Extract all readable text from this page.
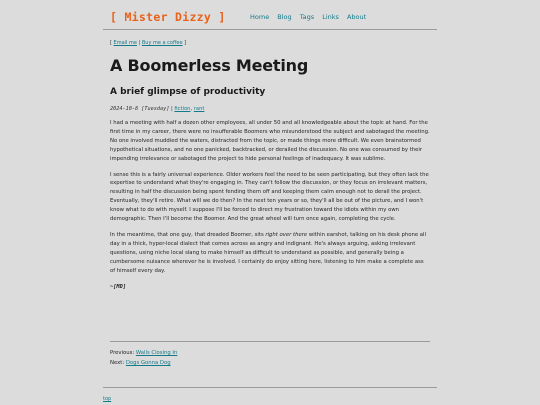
[ Mister Dizzy ]	Home Blog Tags Links About
[ Email me | Buy me a coffee ]
A Boomerless Meeting
A brief glimpse of productivity
2024-10-8 [Tuesday] | fiction, rant

I had a meeting with half a dozen other employees, all under 50 and all knowledgeable about the topic at hand. For the first time in my career, there were no insufferable Boomers who misunderstood the subject and sabotaged the meeting. No one involved muddied the waters, distracted from the topic, or made things more difficult. We even brainstormed hypothetical situations, and no one panicked, backtracked, or derailed the discussion. No one was consumed by their impending irrelevance or sabotaged the project to hide personal feelings of inadequacy. It was sublime.

I sense this is a fairly universal experience. Older workers feel the need to be seen participating, but they often lack the expertise to understand what they're engaging in. They can't follow the discussion, or they focus on irrelevant matters, resulting in half the discussion being spent fending them off and keeping them calm enough not to derail the project. Eventually, they'll retire. What will we do then? In the next ten years or so, they'll all be out of the picture, and I won't know what to do with myself. I suppose I'll be forced to direct my frustration toward the idiots within my own demographic. Then I'll become the Boomer. And the great wheel will turn once again, completing the cycle.

In the meantime, that one guy, that dreaded Boomer, sits right over there within earshot, talking on his desk phone all day in a thick, hyper-local dialect that comes across as angry and indignant. He's always arguing, asking irrelevant questions, using niche local slang to make himself as difficult to understand as possible, and generally being a cumbersome nuisance wherever he is involved. I certainly do enjoy sitting here, listening to him make a complete ass of himself every day.

~[MD]

Previous: Walls Closing In
Next: Dogs Gonna Dog
top
